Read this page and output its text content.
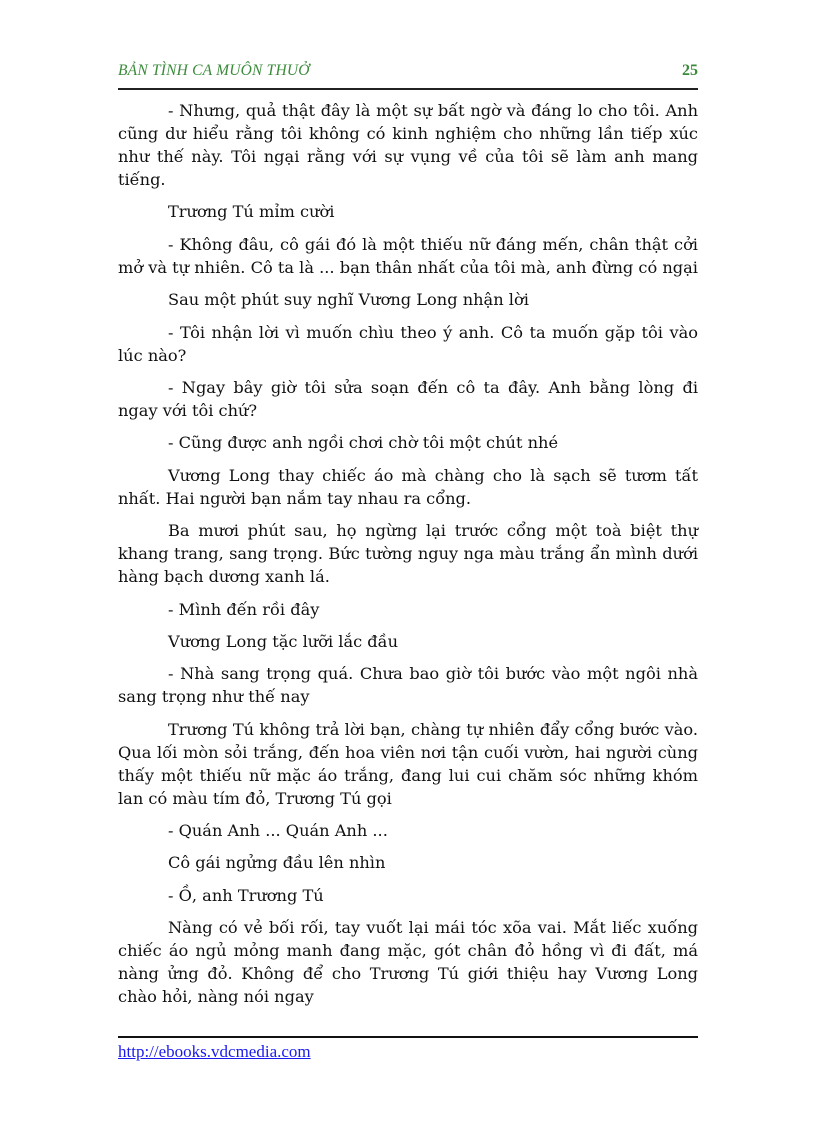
BẢN TÌNH CA MUÔN THUỞ	25

- Nhưng, quả thật đây là một sự bất ngờ và đáng lo cho tôi. Anh cũng dư hiểu rằng tôi không có kinh nghiệm cho những lần tiếp xúc như thế này. Tôi ngại rằng với sự vụng về của tôi sẽ làm anh mang tiếng.

Trương Tú mỉm cười

- Không đâu, cô gái đó là một thiếu nữ đáng mến, chân thật cởi mở và tự nhiên. Cô ta là ... bạn thân nhất của tôi mà, anh đừng có ngại

Sau một phút suy nghĩ Vương Long nhận lời

- Tôi nhận lời vì muốn chìu theo ý anh. Cô ta muốn gặp tôi vào lúc nào?

- Ngay bây giờ tôi sửa soạn đến cô ta đây. Anh bằng lòng đi ngay với tôi chứ?

- Cũng được anh ngồi chơi chờ tôi một chút nhé

Vương Long thay chiếc áo mà chàng cho là sạch sẽ tươm tất nhất. Hai người bạn nắm tay nhau ra cổng.

Ba mươi phút sau, họ ngừng lại trước cổng một toà biệt thự khang trang, sang trọng. Bức tường nguy nga màu trắng ẩn mình dưới hàng bạch dương xanh lá.

- Mình đến rồi đây

Vương Long tặc lưỡi lắc đầu

- Nhà sang trọng quá. Chưa bao giờ tôi bước vào một ngôi nhà sang trọng như thế nay

Trương Tú không trả lời bạn, chàng tự nhiên đẩy cổng bước vào. Qua lối mòn sỏi trắng, đến hoa viên nơi tận cuối vườn, hai người cùng thấy một thiếu nữ mặc áo trắng, đang lui cui chăm sóc những khóm lan có màu tím đỏ, Trương Tú gọi

- Quán Anh ... Quán Anh ...

Cô gái ngửng đầu lên nhìn

- Ồ, anh Trương Tú

Nàng có vẻ bối rối, tay vuốt lại mái tóc xõa vai. Mắt liếc xuống chiếc áo ngủ mỏng manh đang mặc, gót chân đỏ hồng vì đi đất, má nàng ửng đỏ. Không để cho Trương Tú giới thiệu hay Vương Long chào hỏi, nàng nói ngay

http://ebooks.vdcmedia.com
